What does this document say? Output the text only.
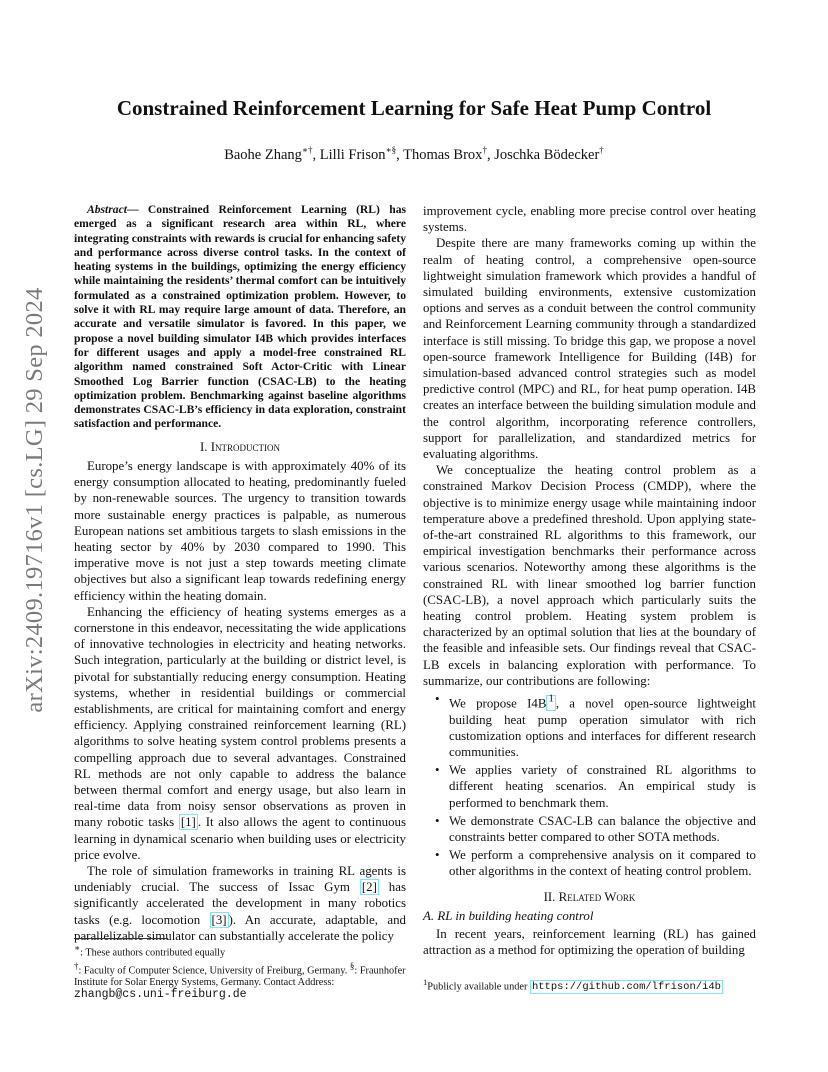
arXiv:2409.19716v1 [cs.LG] 29 Sep 2024
Constrained Reinforcement Learning for Safe Heat Pump Control
Baohe Zhang∗†, Lilli Frison∗§, Thomas Brox†, Joschka Bödecker†

Abstract— Constrained Reinforcement Learning (RL) has emerged as a significant research area within RL, where integrating constraints with rewards is crucial for enhancing safety and performance across diverse control tasks. In the context of heating systems in the buildings, optimizing the energy efficiency while maintaining the residents’ thermal comfort can be intuitively formulated as a constrained optimization problem. However, to solve it with RL may require large amount of data. Therefore, an accurate and versatile simulator is favored. In this paper, we propose a novel building simulator I4B which provides interfaces for different usages and apply a model-free constrained RL algorithm named constrained Soft Actor-Critic with Linear Smoothed Log Barrier function (CSAC-LB) to the heating optimization problem. Benchmarking against baseline algorithms demonstrates CSAC-LB’s efficiency in data exploration, constraint satisfaction and performance.

I. Introduction

Europe’s energy landscape is with approximately 40% of its energy consumption allocated to heating, predominantly fueled by non-renewable sources. The urgency to transition towards more sustainable energy practices is palpable, as numerous European nations set ambitious targets to slash emissions in the heating sector by 40% by 2030 compared to 1990. This imperative move is not just a step towards meeting climate objectives but also a significant leap towards redefining energy efficiency within the heating domain.

Enhancing the efficiency of heating systems emerges as a cornerstone in this endeavor, necessitating the wide applications of innovative technologies in electricity and heating networks. Such integration, particularly at the building or district level, is pivotal for substantially reducing energy consumption. Heating systems, whether in residential buildings or commercial establishments, are critical for maintaining comfort and energy efficiency. Applying constrained reinforcement learning (RL) algorithms to solve heating system control problems presents a compelling approach due to several advantages. Constrained RL methods are not only capable to address the balance between thermal comfort and energy usage, but also learn in real-time data from noisy sensor observations as proven in many robotic tasks [1] . It also allows the agent to continuous learning in dynamical scenario when building uses or electricity price evolve.

The role of simulation frameworks in training RL agents is undeniably crucial. The success of Issac Gym [2] has significantly accelerated the development in many robotics tasks (e.g. locomotion [3] ). An accurate, adaptable, and parallelizable simulator can substantially accelerate the policy

∗: These authors contributed equally
†: Faculty of Computer Science, University of Freiburg, Germany. §: Fraunhofer Institute for Solar Energy Systems, Germany. Contact Address: zhangb@cs.uni-freiburg.de

improvement cycle, enabling more precise control over heating systems.

Despite there are many frameworks coming up within the realm of heating control, a comprehensive open-source lightweight simulation framework which provides a handful of simulated building environments, extensive customization options and serves as a conduit between the control community and Reinforcement Learning community through a standardized interface is still missing. To bridge this gap, we propose a novel open-source framework Intelligence for Building (I4B) for simulation-based advanced control strategies such as model predictive control (MPC) and RL, for heat pump operation. I4B creates an interface between the building simulation module and the control algorithm, incorporating reference controllers, support for parallelization, and standardized metrics for evaluating algorithms.

We conceptualize the heating control problem as a constrained Markov Decision Process (CMDP), where the objective is to minimize energy usage while maintaining indoor temperature above a predefined threshold. Upon applying state-of-the-art constrained RL algorithms to this framework, our empirical investigation benchmarks their performance across various scenarios. Noteworthy among these algorithms is the constrained RL with linear smoothed log barrier function (CSAC-LB), a novel approach which particularly suits the heating control problem. Heating system problem is characterized by an optimal solution that lies at the boundary of the feasible and infeasible sets. Our findings reveal that CSAC-LB excels in balancing exploration with performance. To summarize, our contributions are following:

• We propose I4B $^1$ , a novel open-source lightweight building heat pump operation simulator with rich customization options and interfaces for different research communities.
• We applies variety of constrained RL algorithms to different heating scenarios. An empirical study is performed to benchmark them.
• We demonstrate CSAC-LB can balance the objective and constraints better compared to other SOTA methods.
• We perform a comprehensive analysis on it compared to other algorithms in the context of heating control problem.
II. Related Work
A. RL in building heating control

In recent years, reinforcement learning (RL) has gained attraction as a method for optimizing the operation of building

$^1$Publicly available under https://github.com/lfrison/i4b
